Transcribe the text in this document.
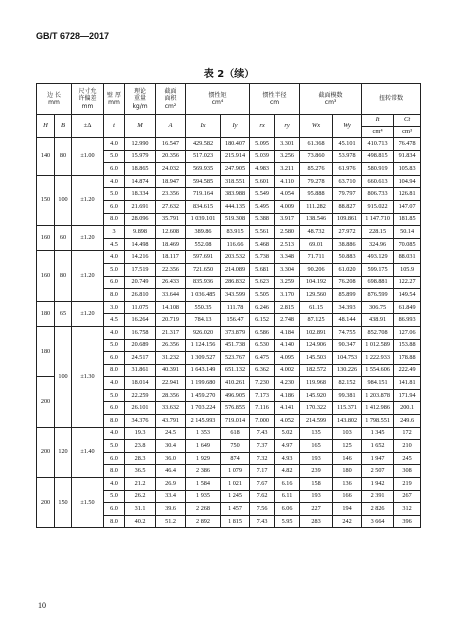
GB/T 6728—2017
表 2（续）
边 长
mm		尺寸允
许偏差
mm	壁 厚
mm	理论
重量
kg/m	截面
面积
cm²	惯性矩
cm⁴		惯性半径
cm		截面模数
cm³		扭转常数	
H	B	±Δ	t	M	A	Ix	Iy	rx	ry	Wx	Wy	It
cm⁴	Ct
cm³

140	80	±1.00	4.0	12.990	16.547	429.582	180.407	5.095	3.301	61.368	45.101	410.713	76.478
			5.0	15.979	20.356	517.023	215.914	5.039	3.256	73.860	53.978	498.815	91.834
			6.0	18.865	24.032	569.935	247.905	4.983	3.211	85.276	61.976	580.919	105.83
150	100	±1.20	4.0	14.874	18.947	594.585	318.551	5.601	4.110	79.278	63.710	660.613	104.94
			5.0	18.334	23.356	719.164	383.988	5.549	4.054	95.888	79.797	806.733	126.81
			6.0	21.691	27.632	834.615	444.135	5.495	4.009	111.282	88.827	915.022	147.07
			8.0	28.096	35.791	1 039.101	519.308	5.388	3.917	138.546	109.861	1 147.710	181.85
160	60	±1.20	3	9.898	12.608	389.86	83.915	5.561	2.580	48.732	27.972	228.15	50.14
			4.5	14.498	18.469	552.08	116.66	5.468	2.513	69.01	38.886	324.96	70.085
160	80	±1.20	4.0	14.216	18.117	597.691	203.532	5.738	3.348	71.711	50.883	493.129	88.031
			5.0	17.519	22.356	721.650	214.089	5.681	3.304	90.206	61.020	599.175	105.9
			6.0	20.749	26.433	835.936	286.832	5.623	3.259	104.192	76.208	698.881	122.27
			8.0	26.810	33.644	1 036.485	343.599	5.505	3.170	129.560	85.899	876.599	149.54
180	65	±1.20	3.0	11.075	14.108	550.35	111.78	6.246	2.815	61.15	34.393	306.75	61.849
			4.5	16.264	20.719	784.13	156.47	6.152	2.748	87.125	48.144	438.91	86.993
180	100	±1.30	4.0	16.758	21.317	926.020	373.879	6.586	4.184	102.891	74.755	852.708	127.06
			5.0	20.689	26.356	1 124.156	451.738	6.530	4.140	124.906	90.347	1 012.589	153.88
			6.0	24.517	31.232	1 309.527	523.767	6.475	4.095	145.503	104.753	1 222.933	178.88
			8.0	31.861	40.391	1 643.149	651.132	6.362	4.002	182.572	130.226	1 554.606	222.49
200			4.0	18.014	22.941	1 199.680	410.261	7.230	4.230	119.968	82.152	984.151	141.81
			5.0	22.259	28.356	1 459.270	496.905	7.173	4.186	145.920	99.381	1 203.878	171.94
			6.0	26.101	33.632	1 703.224	576.855	7.116	4.141	170.322	115.371	1 412.986	200.1
			8.0	34.376	43.791	2 145.993	719.014	7.000	4.052	214.599	143.802	1 798.551	249.6
200	120	±1.40	4.0	19.3	24.5	1 353	618	7.43	5.02	135	103	1 345	172
			5.0	23.8	30.4	1 649	750	7.37	4.97	165	125	1 652	210
			6.0	28.3	36.0	1 929	874	7.32	4.93	193	146	1 947	245
			8.0	36.5	46.4	2 386	1 079	7.17	4.82	239	180	2 507	308
200	150	±1.50	4.0	21.2	26.9	1 584	1 021	7.67	6.16	158	136	1 942	219
			5.0	26.2	33.4	1 935	1 245	7.62	6.11	193	166	2 391	267
			6.0	31.1	39.6	2 268	1 457	7.56	6.06	227	194	2 826	312
			8.0	40.2	51.2	2 892	1 815	7.43	5.95	283	242	3 664	396
10
